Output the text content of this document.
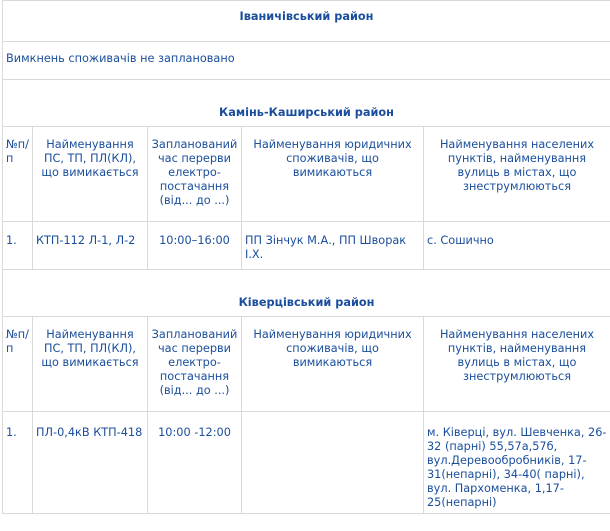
Іваничівський район				
Вимкнень споживачів не заплановано				
Камінь-Каширський район				
№п/п	Найменування ПС, ТП, ПЛ(КЛ), що вимикається	Запланований час перерви електро-постачання (від... до ...)	Найменування юридичних споживачів, що вимикаються	Найменування населених пунктів, найменування вулиць в містах, що знеструмлюються
1.	КТП-112 Л-1, Л-2	10:00–16:00	ПП Зінчук М.А., ПП Шворак І.Х.	с. Сошично
Ківерцівський район				
№п/п	Найменування ПС, ТП, ПЛ(КЛ), що вимикається	Запланований час перерви електро-постачання (від... до ...)	Найменування юридичних споживачів, що вимикаються	Найменування населених пунктів, найменування вулиць в містах, що знеструмлюються
1.	ПЛ-0,4кВ КТП-418	10:00 -12:00		м. Ківерці, вул. Шевченка, 26-32 (парні) 55,57а,57б, вул.Деревообробників, 17-31(непарні), 34-40( парні), вул. Пархоменка, 1,17-25(непарні)
